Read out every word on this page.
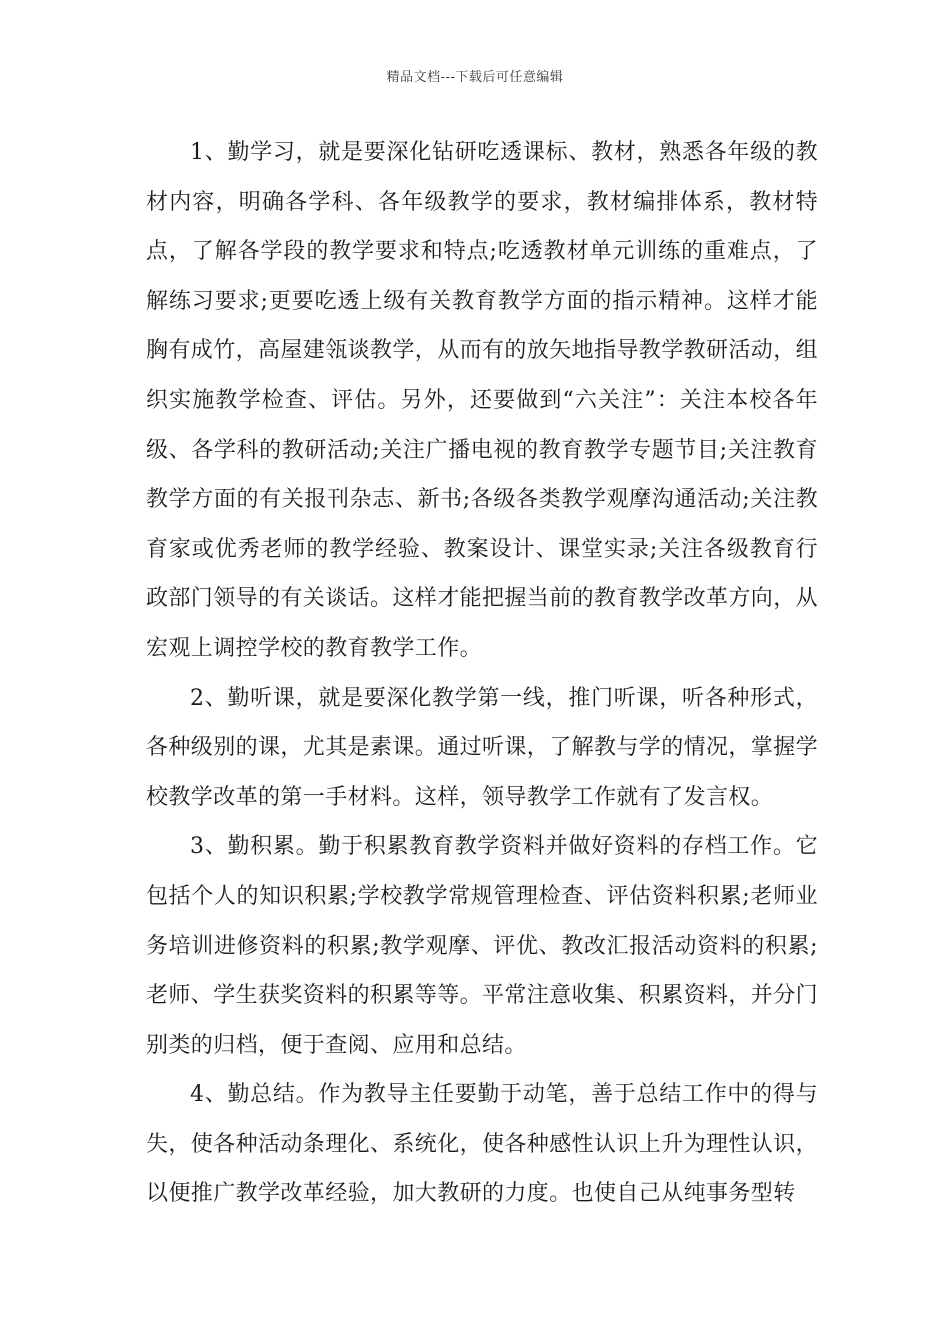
精品文档---下载后可任意编辑

1、勤学习，就是要深化钻研吃透课标、教材，熟悉各年级的教材内容，明确各学科、各年级教学的要求，教材编排体系，教材特点，了解各学段的教学要求和特点;吃透教材单元训练的重难点，了解练习要求;更要吃透上级有关教育教学方面的指示精神。这样才能胸有成竹，高屋建瓴谈教学，从而有的放矢地指导教学教研活动，组织实施教学检查、评估。另外，还要做到“六关注”：关注本校各年级、各学科的教研活动;关注广播电视的教育教学专题节目;关注教育教学方面的有关报刊杂志、新书;各级各类教学观摩沟通活动;关注教育家或优秀老师的教学经验、教案设计、课堂实录;关注各级教育行政部门领导的有关谈话。这样才能把握当前的教育教学改革方向，从宏观上调控学校的教育教学工作。

2、勤听课，就是要深化教学第一线，推门听课，听各种形式，各种级别的课，尤其是素课。通过听课，了解教与学的情况，掌握学校教学改革的第一手材料。这样，领导教学工作就有了发言权。

3、勤积累。勤于积累教育教学资料并做好资料的存档工作。它包括个人的知识积累;学校教学常规管理检查、评估资料积累;老师业务培训进修资料的积累;教学观摩、评优、教改汇报活动资料的积累;老师、学生获奖资料的积累等等。平常注意收集、积累资料，并分门别类的归档，便于查阅、应用和总结。

4、勤总结。作为教导主任要勤于动笔，善于总结工作中的得与失，使各种活动条理化、系统化，使各种感性认识上升为理性认识，以便推广教学改革经验，加大教研的力度。也使自己从纯事务型转
